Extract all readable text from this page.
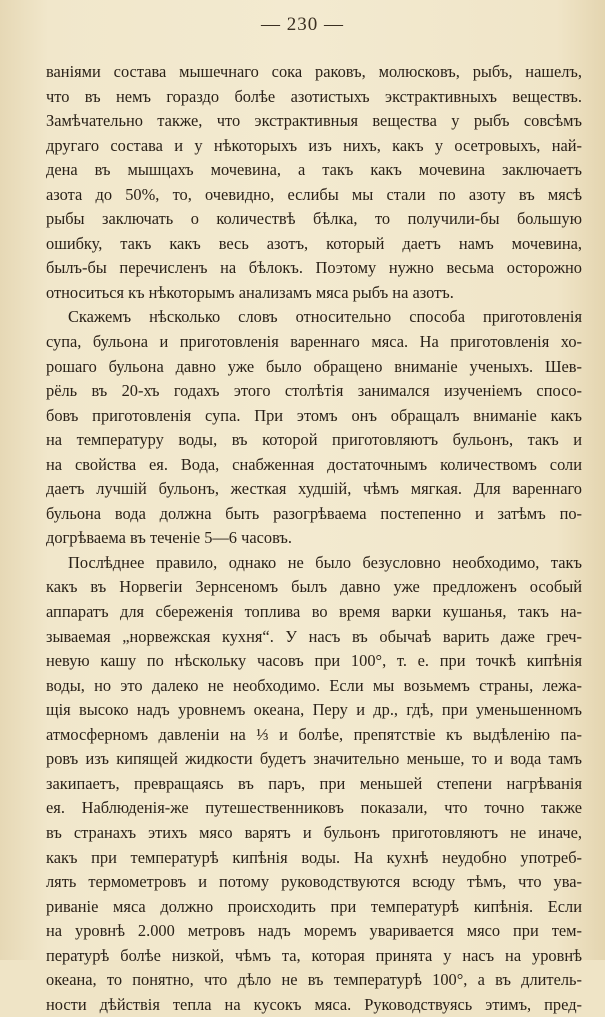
— 230 —
ваніями состава мышечнаго сока раковъ, молюсковъ, рыбъ, нашелъ,
что въ немъ гораздо болѣе азотистыхъ экстрактивныхъ веществъ.
Замѣчательно также, что экстрактивныя вещества у рыбъ совсѣмъ
другаго состава и у нѣкоторыхъ изъ нихъ, какъ у осетровыхъ, най-
дена въ мышцахъ мочевина, а такъ какъ мочевина заключаетъ
азота до 50%, то, очевидно, еслибы мы стали по азоту въ мясѣ
рыбы заключать о количествѣ бѣлка, то получили-бы большую
ошибку, такъ какъ весь азотъ, который даетъ намъ мочевина,
былъ-бы перечисленъ на бѣлокъ. Поэтому нужно весьма осторожно
относиться къ нѣкоторымъ анализамъ мяса рыбъ на азотъ.
Скажемъ нѣсколько словъ относительно способа приготовленія
супа, бульона и приготовленія вареннаго мяса. На приготовленія хо-
рошаго бульона давно уже было обращено вниманіе ученыхъ. Шев-
рёль въ 20-хъ годахъ этого столѣтія занимался изученіемъ спосо-
бовъ приготовленія супа. При этомъ онъ обращалъ вниманіе какъ
на температуру воды, въ которой приготовляютъ бульонъ, такъ и
на свойства ея. Вода, снабженная достаточнымъ количествомъ соли
даетъ лучшій бульонъ, жесткая худшій, чѣмъ мягкая. Для вареннаго
бульона вода должна быть разогрѣваема постепенно и затѣмъ по-
догрѣваема въ теченіе 5—6 часовъ.
Послѣднее правило, однако не было безусловно необходимо, такъ
какъ въ Норвегіи Зернсеномъ былъ давно уже предложенъ особый
аппаратъ для сбереженія топлива во время варки кушанья, такъ на-
зываемая „норвежская кухня“. У насъ въ обычаѣ варить даже греч-
невую кашу по нѣскольку часовъ при 100°, т. е. при точкѣ кипѣнія
воды, но это далеко не необходимо. Если мы возьмемъ страны, лежа-
щія высоко надъ уровнемъ океана, Перу и др., гдѣ, при уменьшенномъ
атмосферномъ давленіи на ⅓ и болѣе, препятствіе къ выдѣленію па-
ровъ изъ кипящей жидкости будетъ значительно меньше, то и вода тамъ
закипаетъ, превращаясь въ паръ, при меньшей степени нагрѣванія
ея. Наблюденія-же путешественниковъ показали, что точно также
въ странахъ этихъ мясо варятъ и бульонъ приготовляютъ не иначе,
какъ при температурѣ кипѣнія воды. На кухнѣ неудобно употреб-
лять термометровъ и потому руководствуются всюду тѣмъ, что ува-
риваніе мяса должно происходить при температурѣ кипѣнія. Если
на уровнѣ 2.000 метровъ надъ моремъ уваривается мясо при тем-
пературѣ болѣе низкой, чѣмъ та, которая принята у насъ на уровнѣ
океана, то понятно, что дѣло не въ температурѣ 100°, а въ длитель-
ности дѣйствія тепла на кусокъ мяса. Руководствуясь этимъ, пред-
